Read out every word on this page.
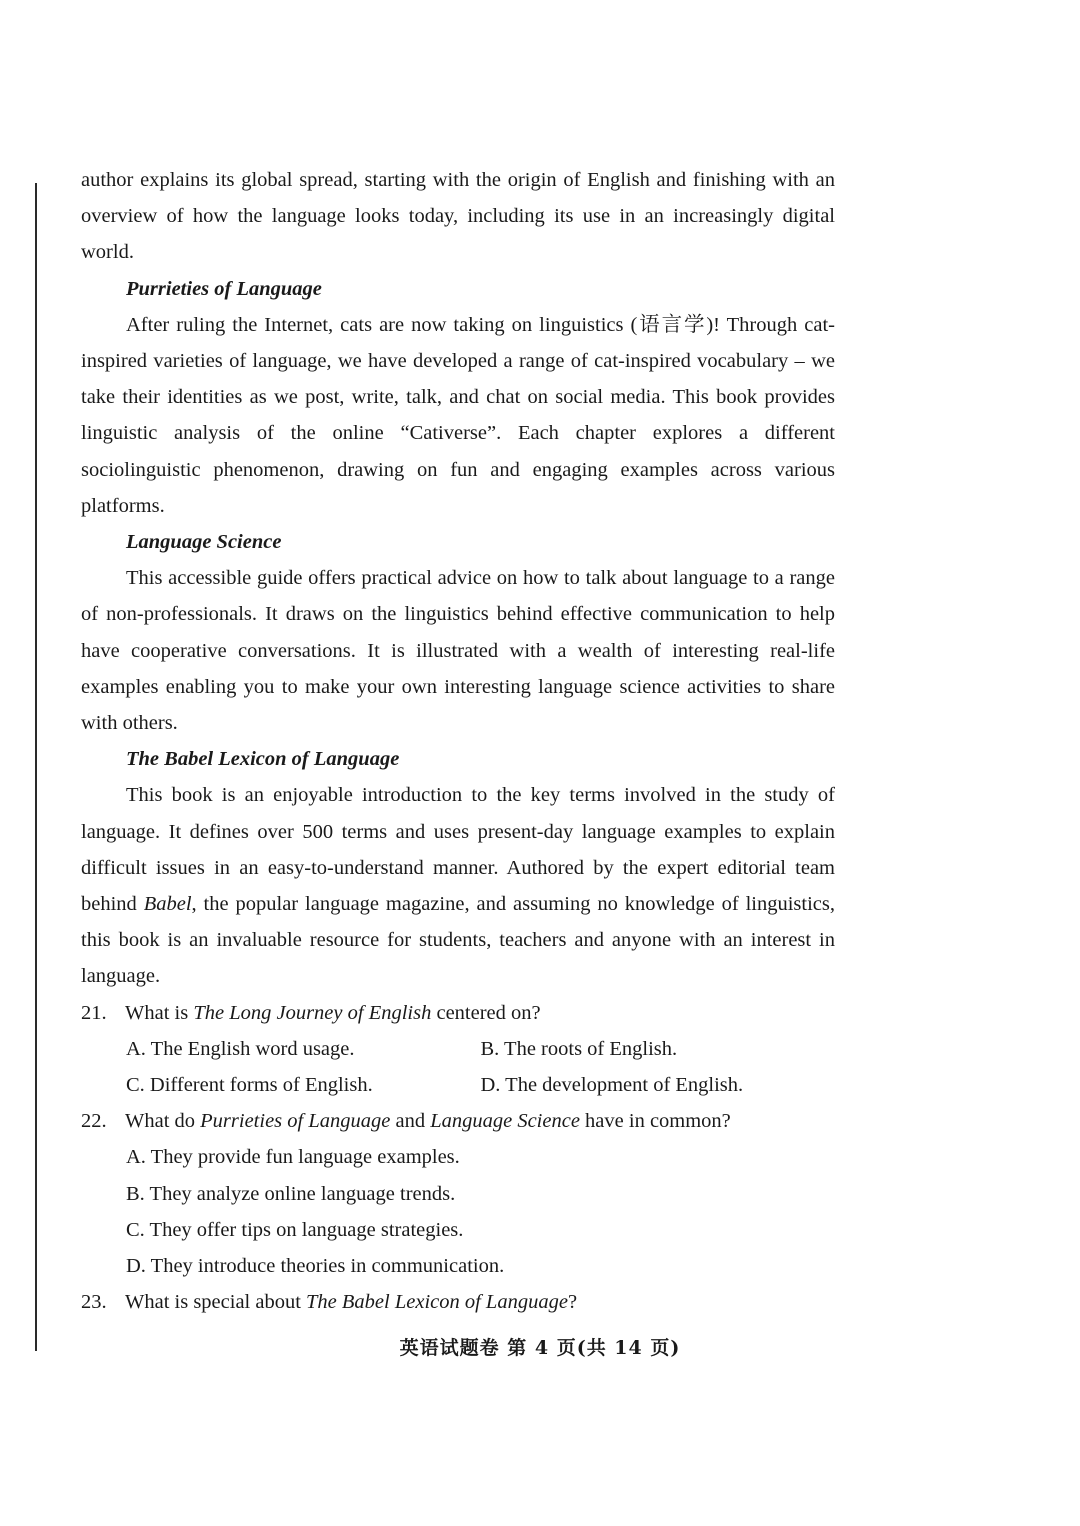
author explains its global spread, starting with the origin of English and finishing with an overview of how the language looks today, including its use in an increasingly digital world.

Purrieties of Language

After ruling the Internet, cats are now taking on linguistics (语言学)! Through cat-inspired varieties of language, we have developed a range of cat-inspired vocabulary – we take their identities as we post, write, talk, and chat on social media. This book provides linguistic analysis of the online “Cativerse”. Each chapter explores a different sociolinguistic phenomenon, drawing on fun and engaging examples across various platforms.

Language Science

This accessible guide offers practical advice on how to talk about language to a range of non-professionals. It draws on the linguistics behind effective communication to help have cooperative conversations. It is illustrated with a wealth of interesting real-life examples enabling you to make your own interesting language science activities to share with others.

The Babel Lexicon of Language

This book is an enjoyable introduction to the key terms involved in the study of language. It defines over 500 terms and uses present-day language examples to explain difficult issues in an easy-to-understand manner. Authored by the expert editorial team behind Babel, the popular language magazine, and assuming no knowledge of linguistics, this book is an invaluable resource for students, teachers and anyone with an interest in language.

21. What is The Long Journey of English centered on?
A. The English word usage.	B. The roots of English.
C. Different forms of English.	D. The development of English.
22. What do Purrieties of Language and Language Science have in common?

A. They provide fun language examples.

B. They analyze online language trends.

C. They offer tips on language strategies.

D. They introduce theories in communication.

23. What is special about The Babel Lexicon of Language?
英语试题卷 第 4 页(共 14 页)
